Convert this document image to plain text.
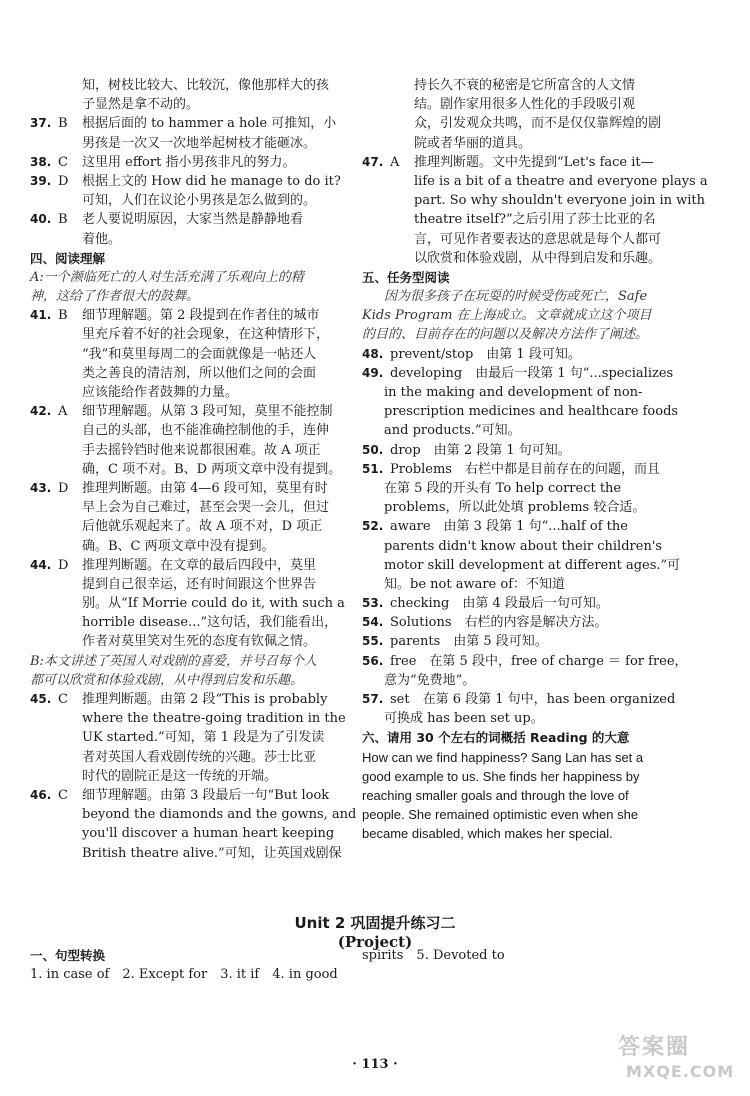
知，树枝比较大、比较沉，像他那样大的孩
子显然是拿不动的。
37. B 根据后面的 to hammer a hole 可推知，小
男孩是一次又一次地举起树枝才能砸冰。
38. C 这里用 effort 指小男孩非凡的努力。
39. D 根据上文的 How did he manage to do it?
可知，人们在议论小男孩是怎么做到的。
40. B 老人要说明原因，大家当然是静静地看
着他。
四、阅读理解
A:一个濒临死亡的人对生活充满了乐观向上的精
神，这给了作者很大的鼓舞。
41. B 细节理解题。第 2 段提到在作者住的城市
里充斥着不好的社会现象，在这种情形下，
“我”和莫里每周二的会面就像是一帖还人
类之善良的清洁剂，所以他们之间的会面
应该能给作者鼓舞的力量。
42. A 细节理解题。从第 3 段可知，莫里不能控制
自己的头部，也不能准确控制他的手，连伸
手去摇铃铛时他来说都很困难。故 A 项正
确，C 项不对。B、D 两项文章中没有提到。
43. D 推理判断题。由第 4—6 段可知，莫里有时
早上会为自己难过，甚至会哭一会儿，但过
后他就乐观起来了。故 A 项不对，D 项正
确。B、C 两项文章中没有提到。
44. D 推理判断题。在文章的最后四段中，莫里
提到自己很幸运，还有时间跟这个世界告
别。从“If Morrie could do it, with such a
horrible disease...”这句话，我们能看出，
作者对莫里笑对生死的态度有钦佩之情。
B:本文讲述了英国人对戏剧的喜爱，并号召每个人
都可以欣赏和体验戏剧，从中得到启发和乐趣。
45. C 推理判断题。由第 2 段“This is probably
where the theatre-going tradition in the
UK started.”可知，第 1 段是为了引发读
者对英国人看戏剧传统的兴趣。莎士比亚
时代的剧院正是这一传统的开端。
46. C 细节理解题。由第 3 段最后一句“But look
beyond the diamonds and the gowns, and
you'll discover a human heart keeping
British theatre alive.”可知，让英国戏剧保
持长久不衰的秘密是它所富含的人文情
结。剧作家用很多人性化的手段吸引观
众，引发观众共鸣，而不是仅仅靠辉煌的剧
院或者华丽的道具。
47. A 推理判断题。文中先提到“Let's face it—
life is a bit of a theatre and everyone plays a
part. So why shouldn't everyone join in with
theatre itself?”之后引用了莎士比亚的名
言，可见作者要表达的意思就是每个人都可
以欣赏和体验戏剧，从中得到启发和乐趣。
五、任务型阅读
因为很多孩子在玩耍的时候受伤或死亡，Safe
Kids Program 在上海成立。文章就成立这个项目
的目的、目前存在的问题以及解决方法作了阐述。
48. prevent/stop　由第 1 段可知。
49. developing　由最后一段第 1 句“...specializes
in the making and development of non-
prescription medicines and healthcare foods
and products.”可知。
50. drop　由第 2 段第 1 句可知。
51. Problems　右栏中都是目前存在的问题，而且
在第 5 段的开头有 To help correct the
problems，所以此处填 problems 较合适。
52. aware　由第 3 段第 1 句“...half of the
parents didn't know about their children's
motor skill development at different ages.”可
知。be not aware of：不知道
53. checking　由第 4 段最后一句可知。
54. Solutions　右栏的内容是解决方法。
55. parents　由第 5 段可知。
56. free　在第 5 段中，free of charge ＝ for free，
意为“免费地”。
57. set　在第 6 段第 1 句中，has been organized
可换成 has been set up。
六、请用 30 个左右的词概括 Reading 的大意
How can we find happiness? Sang Lan has set a
good example to us. She finds her happiness by
reaching smaller goals and through the love of
people. She remained optimistic even when she
became disabled, which makes her special.
Unit 2 巩固提升练习二
(Project)
一、句型转换
1. in case of　2. Except for　3. it if　4. in good
spirits　5. Devoted to
· 113 ·
答案圈
MXQE.COM
